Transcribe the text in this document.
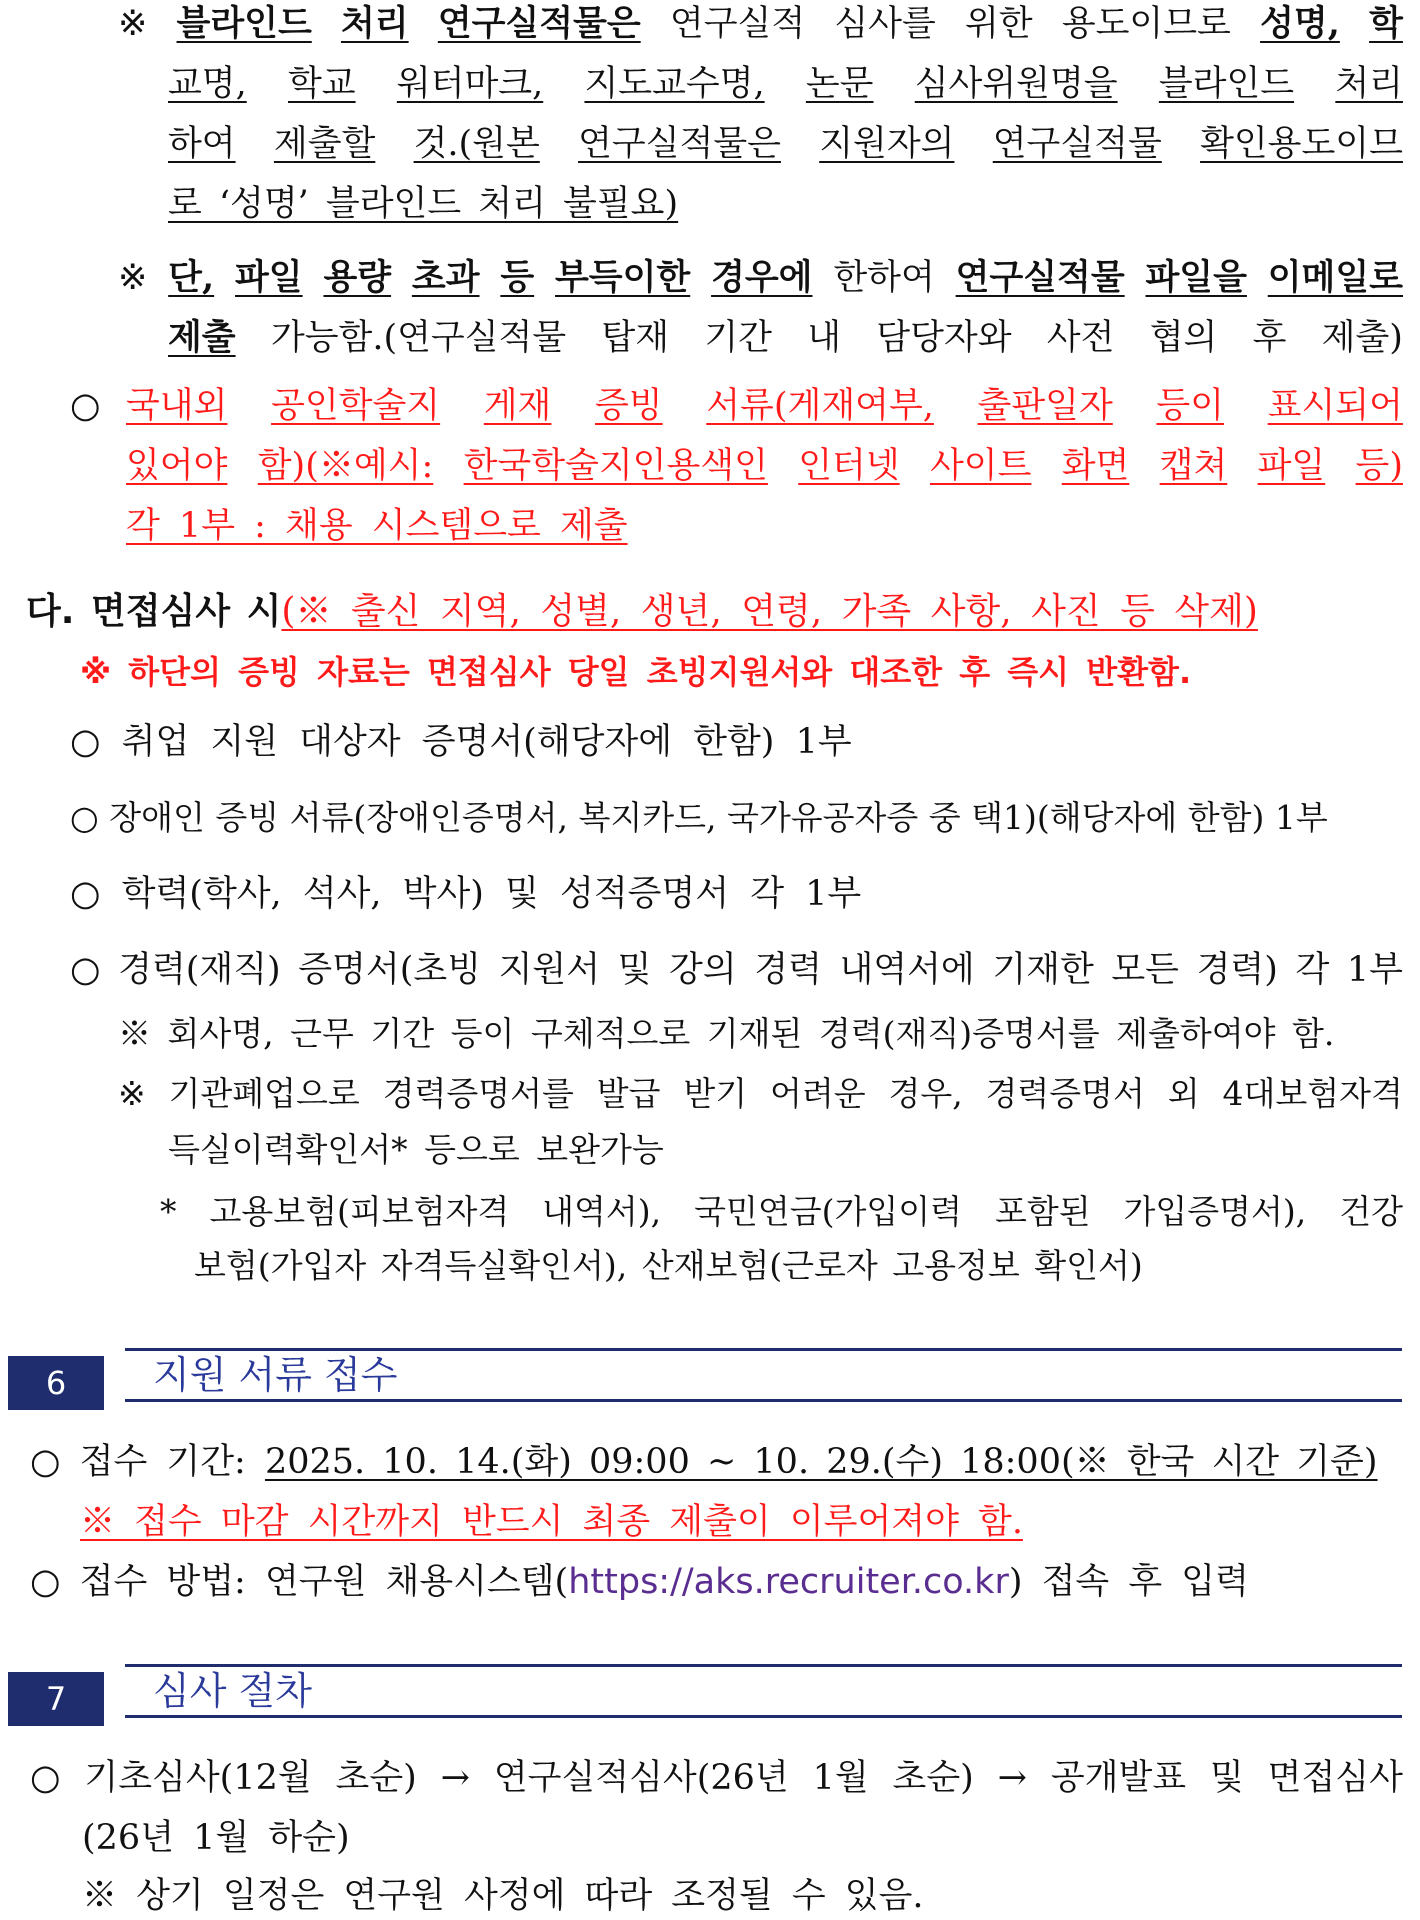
※ 블라인드 처리 연구실적물은 연구실적 심사를 위한 용도이므로 성명, 학
교명, 학교 워터마크, 지도교수명, 논문 심사위원명을 블라인드 처리
하여 제출할 것.(원본 연구실적물은 지원자의 연구실적물 확인용도이므
로 ‘성명’ 블라인드 처리 불필요)
※ 단, 파일 용량 초과 등 부득이한 경우에 한하여 연구실적물 파일을 이메일로
제출 가능함.(연구실적물 탑재 기간 내 담당자와 사전 협의 후 제출)
○ 국내외 공인학술지 게재 증빙 서류(게재여부, 출판일자 등이 표시되어
있어야 함)(※예시: 한국학술지인용색인 인터넷 사이트 화면 캡쳐 파일 등)
각 1부 : 채용 시스템으로 제출
다. 면접심사 시(※ 출신 지역, 성별, 생년, 연령, 가족 사항, 사진 등 삭제)
※ 하단의 증빙 자료는 면접심사 당일 초빙지원서와 대조한 후 즉시 반환함.
○ 취업 지원 대상자 증명서(해당자에 한함) 1부
○ 장애인 증빙 서류(장애인증명서, 복지카드, 국가유공자증 중 택1)(해당자에 한함) 1부
○ 학력(학사, 석사, 박사) 및 성적증명서 각 1부
○ 경력(재직) 증명서(초빙 지원서 및 강의 경력 내역서에 기재한 모든 경력) 각 1부
※ 회사명, 근무 기간 등이 구체적으로 기재된 경력(재직)증명서를 제출하여야 함.
※ 기관폐업으로 경력증명서를 발급 받기 어려운 경우, 경력증명서 외 4대보험자격
득실이력확인서* 등으로 보완가능
* 고용보험(피보험자격 내역서), 국민연금(가입이력 포함된 가입증명서), 건강
보험(가입자 자격득실확인서), 산재보험(근로자 고용정보 확인서)
6	지원 서류 접수
○ 접수 기간: 2025. 10. 14.(화) 09:00 ~ 10. 29.(수) 18:00(※ 한국 시간 기준)
※ 접수 마감 시간까지 반드시 최종 제출이 이루어져야 함.
○ 접수 방법: 연구원 채용시스템(https://aks.recruiter.co.kr) 접속 후 입력
7	심사 절차
○ 기초심사(12월 초순) → 연구실적심사(26년 1월 초순) → 공개발표 및 면접심사
(26년 1월 하순)
※ 상기 일정은 연구원 사정에 따라 조정될 수 있음.
